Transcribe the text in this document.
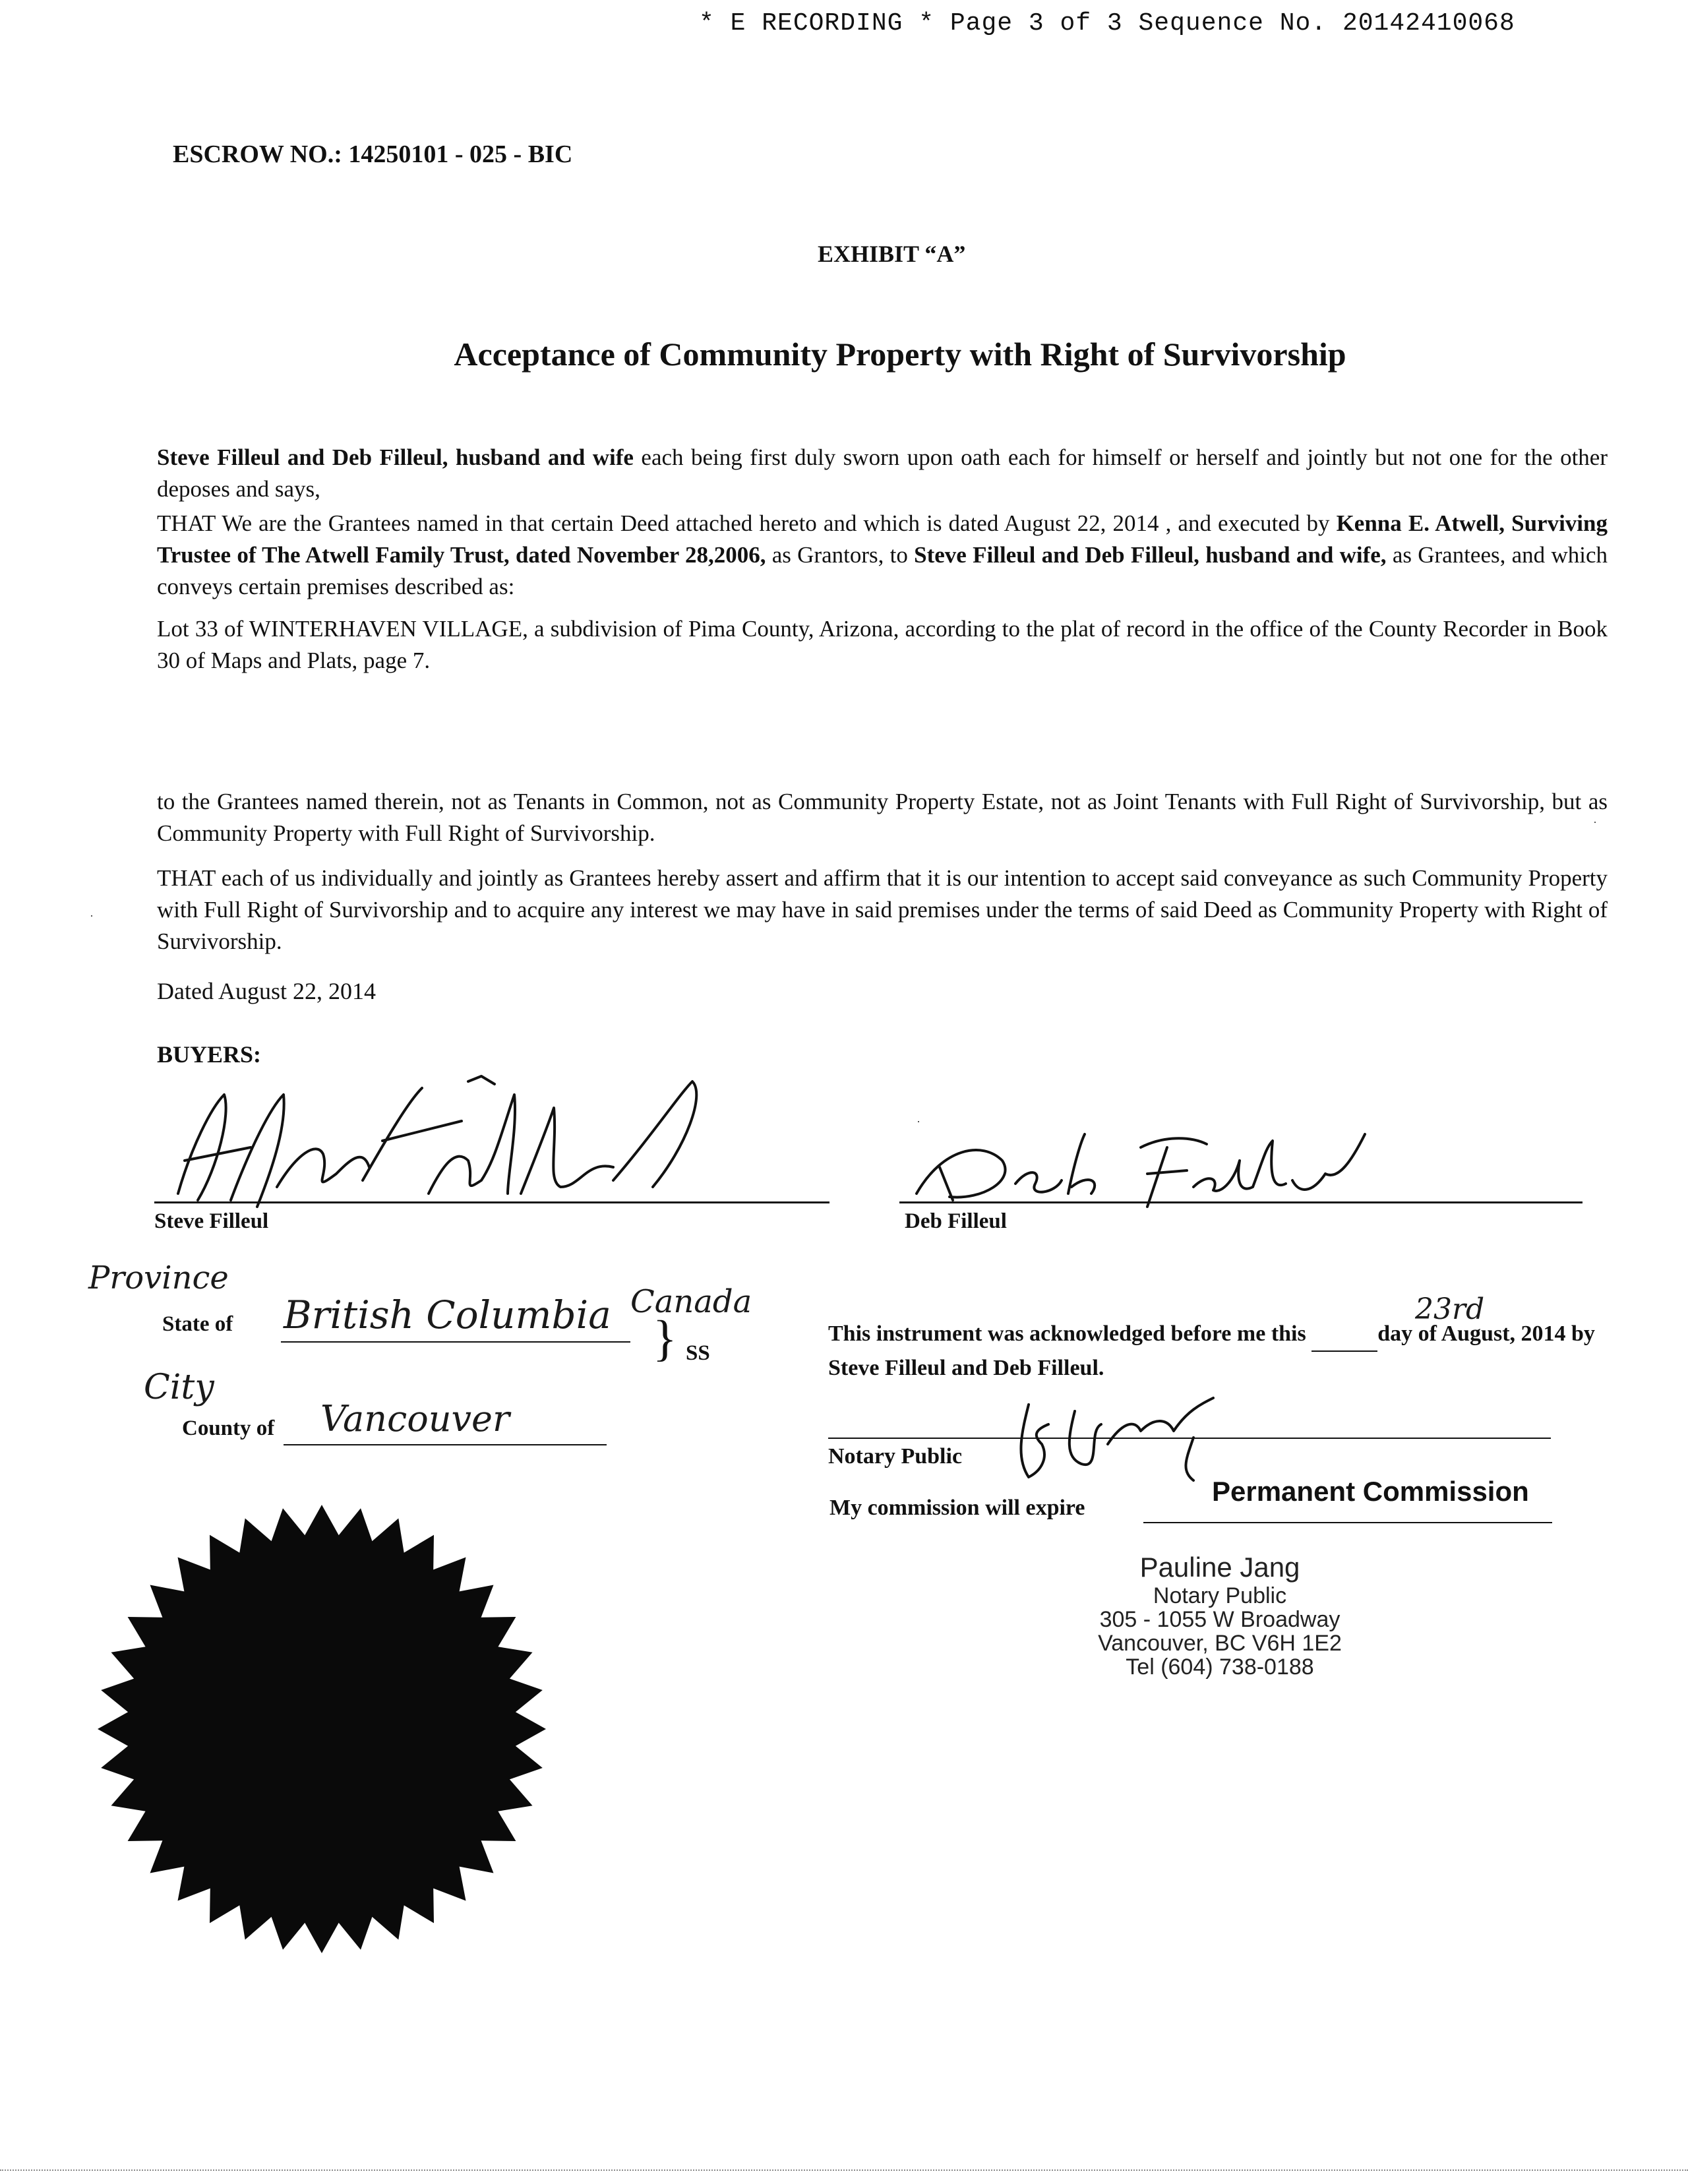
* E RECORDING * Page 3 of 3 Sequence No. 20142410068
ESCROW NO.: 14250101 - 025 - BIC
EXHIBIT “A”
Acceptance of Community Property with Right of Survivorship
Steve Filleul and Deb Filleul, husband and wife each being first duly sworn upon oath each for himself or herself and jointly but not one for the other deposes and says,
THAT We are the Grantees named in that certain Deed attached hereto and which is dated August 22, 2014 , and executed by Kenna E. Atwell, Surviving Trustee of The Atwell Family Trust, dated November 28,2006, as Grantors, to Steve Filleul and Deb Filleul, husband and wife, as Grantees, and which conveys certain premises described as:
Lot 33 of WINTERHAVEN VILLAGE, a subdivision of Pima County, Arizona, according to the plat of record in the office of the County Recorder in Book 30 of Maps and Plats, page 7.
to the Grantees named therein, not as Tenants in Common, not as Community Property Estate, not as Joint Tenants with Full Right of Survivorship, but as Community Property with Full Right of Survivorship.
THAT each of us individually and jointly as Grantees hereby assert and affirm that it is our intention to accept said conveyance as such Community Property with Full Right of Survivorship and to acquire any interest we may have in said premises under the terms of said Deed as Community Property with Right of Survivorship.
Dated August 22, 2014
BUYERS:
Steve Filleul	Deb Filleul
Province
State of British Columbia Canada
} SS
City
County of Vancouver
This instrument was acknowledged before me this	day of August, 2014 by Steve Filleul and Deb Filleul.
23rd
Notary Public
My commission will expire
Permanent Commission
Pauline Jang
Notary Public
305 - 1055 W Broadway
Vancouver, BC V6H 1E2
Tel (604) 738-0188
